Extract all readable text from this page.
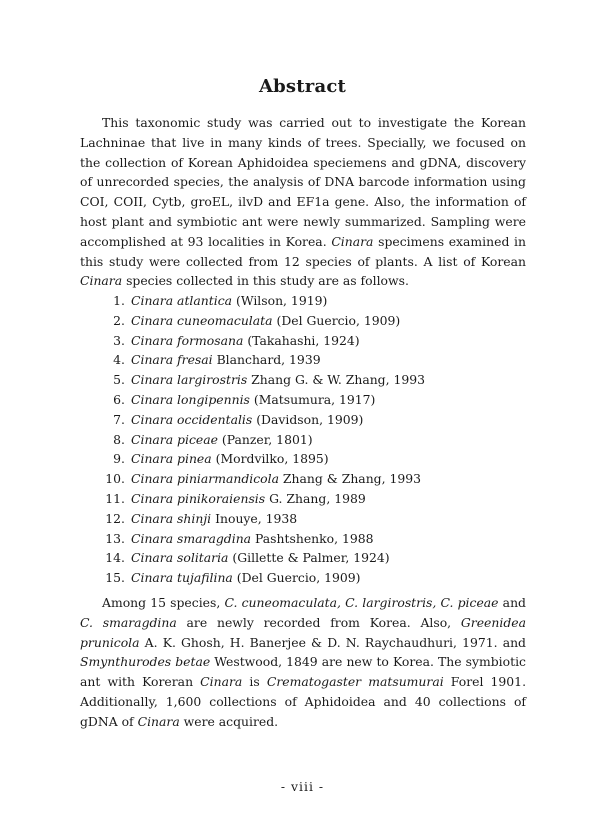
Abstract
This taxonomic study was carried out to investigate the Korean Lachninae that live in many kinds of trees. Specially, we focused on the collection of Korean Aphidoidea speciemens and gDNA, discovery of unrecorded species, the analysis of DNA barcode information using COI, COII, Cytb, groEL, ilvD and EF1a gene. Also, the information of host plant and symbiotic ant were newly summarized. Sampling were accomplished at 93 localities in Korea. Cinara specimens examined in this study were collected from 12 species of plants. A list of Korean Cinara species collected in this study are as follows.
1. Cinara atlantica (Wilson, 1919)
2. Cinara cuneomaculata (Del Guercio, 1909)
3. Cinara formosana (Takahashi, 1924)
4. Cinara fresai Blanchard, 1939
5. Cinara largirostris Zhang G. & W. Zhang, 1993
6. Cinara longipennis (Matsumura, 1917)
7. Cinara occidentalis (Davidson, 1909)
8. Cinara piceae (Panzer, 1801)
9. Cinara pinea (Mordvilko, 1895)
10. Cinara piniarmandicola Zhang & Zhang, 1993
11. Cinara pinikoraiensis G. Zhang, 1989
12. Cinara shinji Inouye, 1938
13. Cinara smaragdina Pashtshenko, 1988
14. Cinara solitaria (Gillette & Palmer, 1924)
15. Cinara tujafilina (Del Guercio, 1909)
Among 15 species, C. cuneomaculata, C. largirostris, C. piceae and C. smaragdina are newly recorded from Korea. Also, Greenidea prunicola A. K. Ghosh, H. Banerjee & D. N. Raychaudhuri, 1971. and Smynthurodes betae Westwood, 1849 are new to Korea. The symbiotic ant with Koreran Cinara is Crematogaster matsumurai Forel 1901. Additionally, 1,600 collections of Aphidoidea and 40 collections of gDNA of Cinara were acquired.
- viii -
